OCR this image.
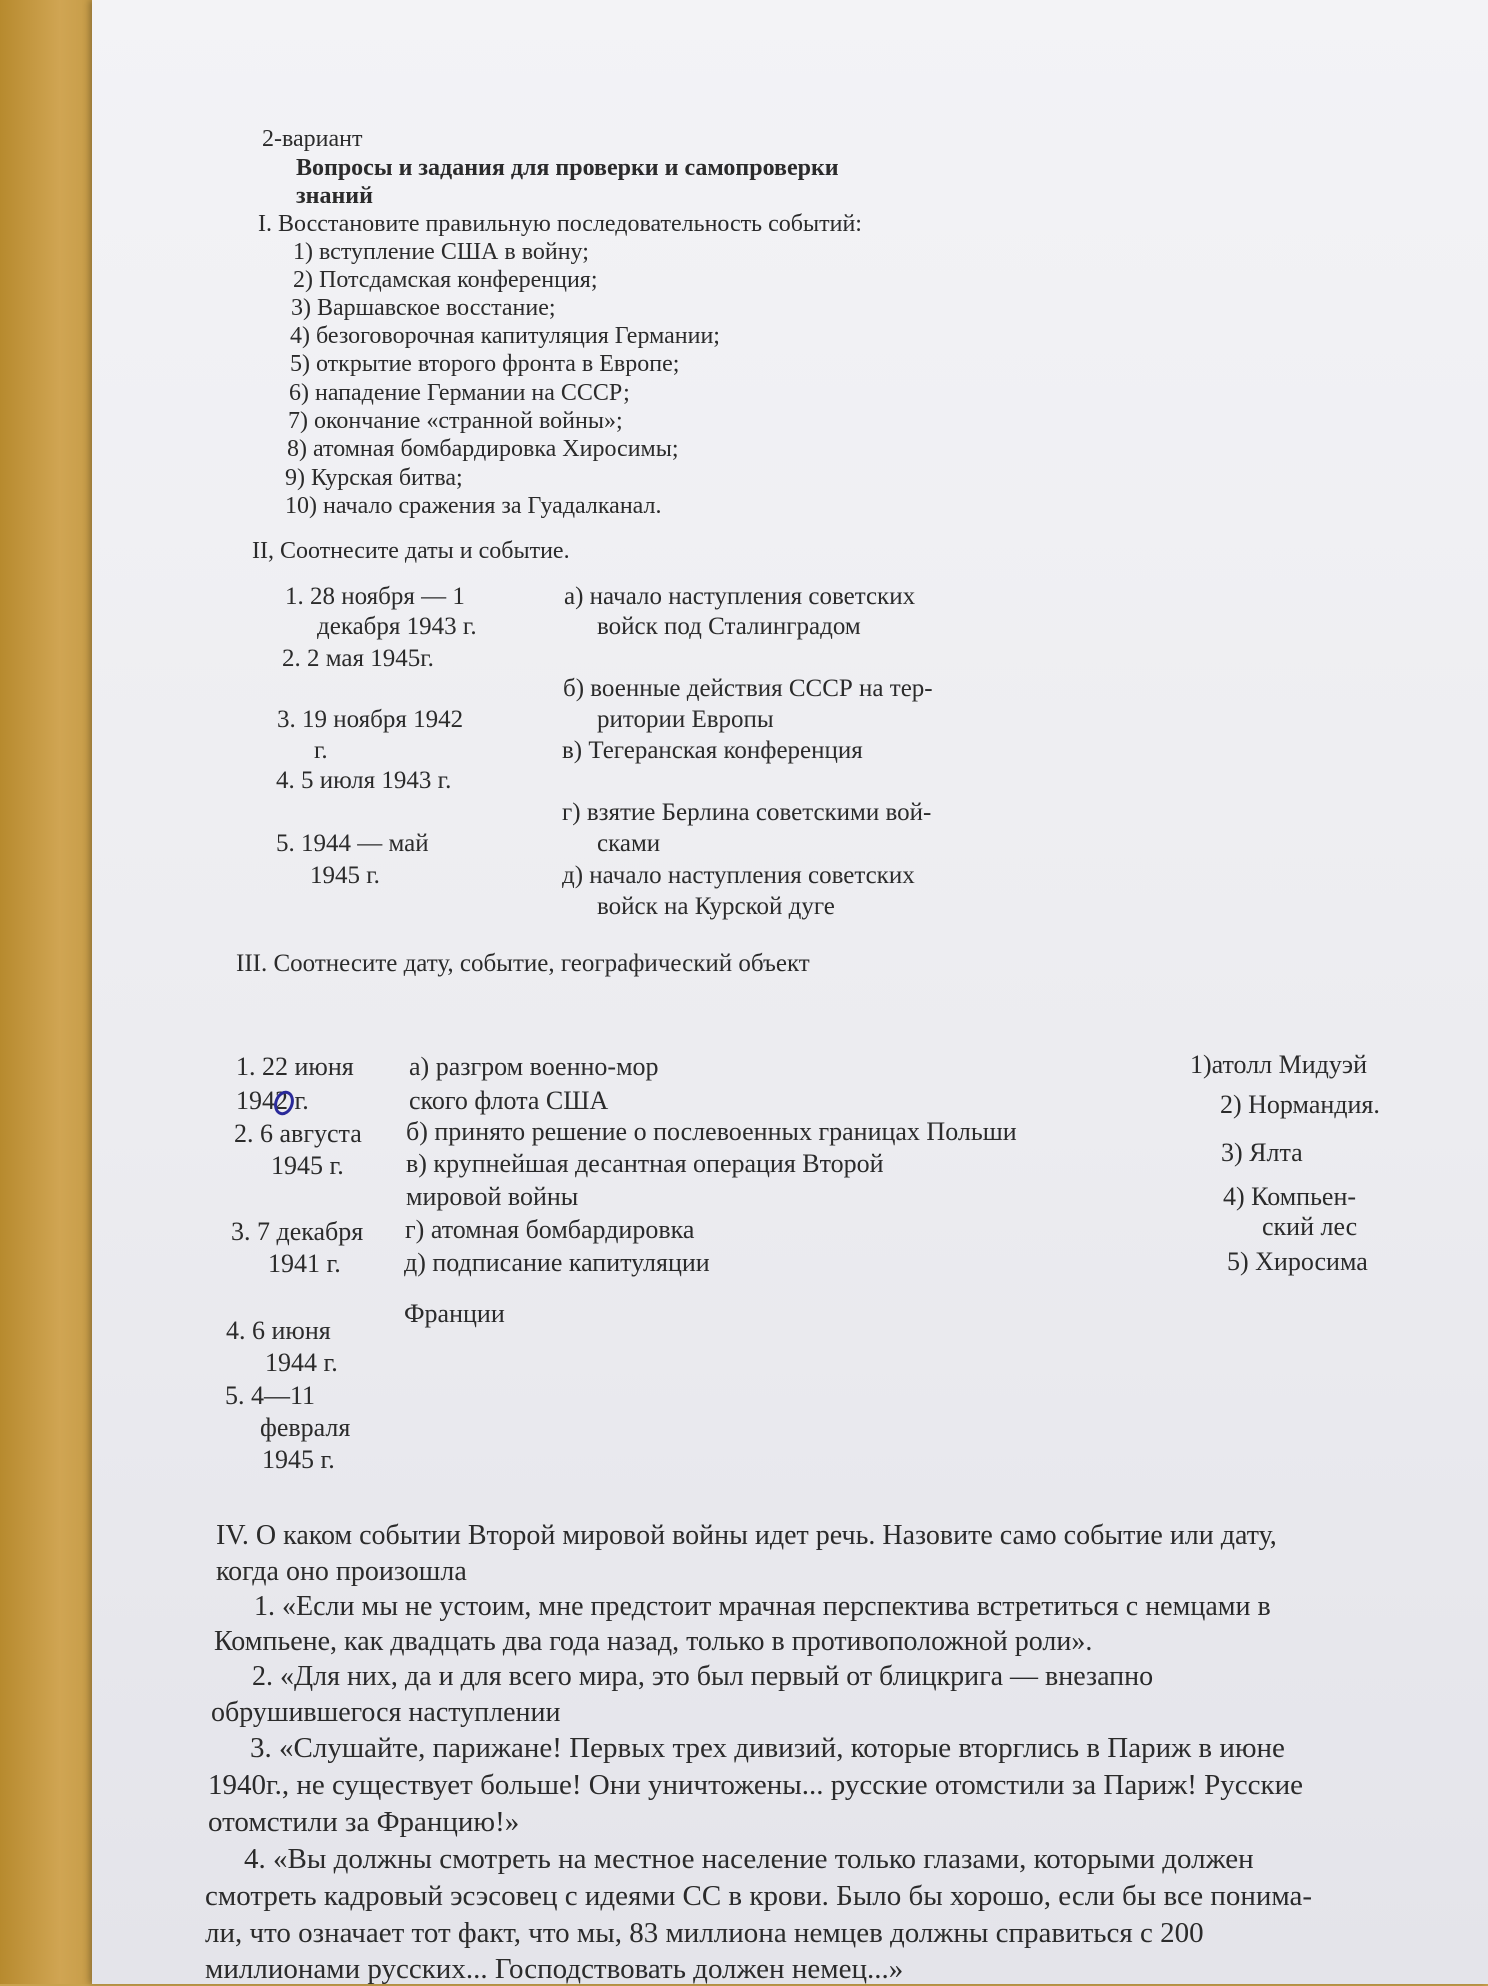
2-вариант
Вопросы и задания для проверки и самопроверки
знаний
I. Восстановите правильную последовательность событий:
1) вступление США в войну;
2) Потсдамская конференция;
3) Варшавское восстание;
4) безоговорочная капитуляция Германии;
5) открытие второго фронта в Европе;
6) нападение Германии на СССР;
7) окончание «странной войны»;
8) атомная бомбардировка Хиросимы;
9) Курская битва;
10) начало сражения за Гуадалканал.
II, Соотнесите даты и событие.
1. 28 ноября — 1
декабря 1943 г.
2. 2 мая 1945г.
3. 19 ноября 1942
г.
4. 5 июля 1943 г.
5. 1944 — май
1945 г.
а) начало наступления советских
войск под Сталинградом
б) военные действия СССР на тер-
ритории Европы
в) Тегеранская конференция
г) взятие Берлина советскими вой-
сками
д) начало наступления советских
войск на Курской дуге
III. Соотнесите дату, событие, географический объект
1. 22 июня
1942 г.
2. 6 августа
1945 г.
3. 7 декабря
1941 г.
4. 6 июня
1944 г.
5. 4—11
февраля
1945 г.
а) разгром военно-мор
ского флота США
б) принято решение о послевоенных границах Польши
в) крупнейшая десантная операция Второй
мировой войны
г) атомная бомбардировка
д) подписание капитуляции
Франции
1)атолл Мидуэй
2) Нормандия.
3) Ялта
4) Компьен-
ский лес
5) Хиросима
IV. О каком событии Второй мировой войны идет речь. Назовите само событие или дату,
когда оно произошла
1. «Если мы не устоим, мне предстоит мрачная перспектива встретиться с немцами в
Компьене, как двадцать два года назад, только в противоположной роли».
2. «Для них, да и для всего мира, это был первый от блицкрига — внезапно
обрушившегося наступлении
3. «Слушайте, парижане! Первых трех дивизий, которые вторглись в Париж в июне
1940г., не существует больше! Они уничтожены... русские отомстили за Париж! Русские
отомстили за Францию!»
4. «Вы должны смотреть на местное население только глазами, которыми должен
смотреть кадровый эсэсовец с идеями СС в крови. Было бы хорошо, если бы все понима-
ли, что означает тот факт, что мы, 83 миллиона немцев должны справиться с 200
миллионами русских... Господствовать должен немец...»
